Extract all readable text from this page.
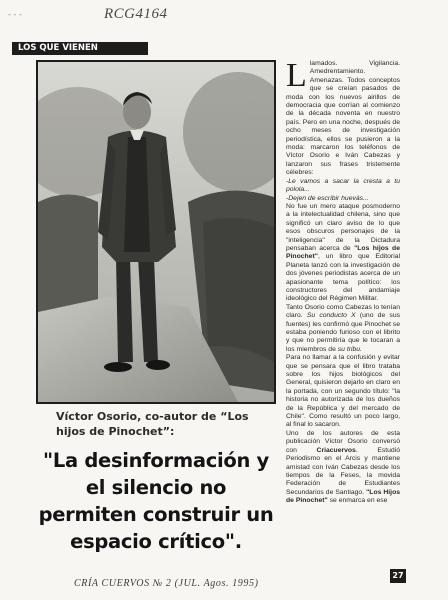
- - -	RCG4164
LOS QUE VIENEN
Víctor Osorio, co-autor de “Los hijos de Pinochet”:
"La desinformación y el silencio no permiten construir un espacio crítico".

Llamados. Vigilancia. Amedrentamiento. Amenazas. Todos conceptos que se creían pasados de moda con los nuevos airillos de democracia que corrían al comienzo de la década noventa en nuestro país. Pero en una noche, después de ocho meses de investigación periodística, ellos se pusieron a la moda: marcaron los teléfonos de Víctor Osorio e Iván Cabezas y lanzaron sus frases tristemente célebres:

-Le vamos a sacar la cresta a tu polola...

-Dejen de escribir huevás...

No fue un mero ataque posmoderno a la intelectualidad chilena, sino que significó un claro aviso de lo que esos obscuros personajes de la "inteligencia" de la Dictadura pensaban acerca de "Los hijos de Pinochet", un libro que Editorial Planeta lanzó con la investigación de dos jóvenes periodistas acerca de un apasionante tema político: los constructores del andamiaje ideológico del Régimen Militar.

Tanto Osorio como Cabezas lo tenían claro. Su conducto X (uno de sus fuentes) les confirmó que Pinochet se estaba poniendo furioso con el librito y que no permitiría que le tocaran a los miembros de su tribu.

Para no llamar a la confusión y evitar que se pensara que el libro trataba sobre los hijos biológicos del General, quisieron dejarlo en claro en la portada, con un segundo título: "la historia no autorizada de los dueños de la República y del mercado de Chile". Como resultó un poco largo, al final lo sacaron.

Uno de los autores de esta publicación Víctor Osorio conversó con Criacuervos. Estudió Periodismo en el Arcis y mantiene amistad con Iván Cabezas desde los tiempos de la Feses, la movida Federación de Estudiantes Secundarios de Santiago. "Los Hijos de Pinochet" se enmarca en ese

27
CRÍA CUERVOS № 2 (JUL. Agos. 1995)
